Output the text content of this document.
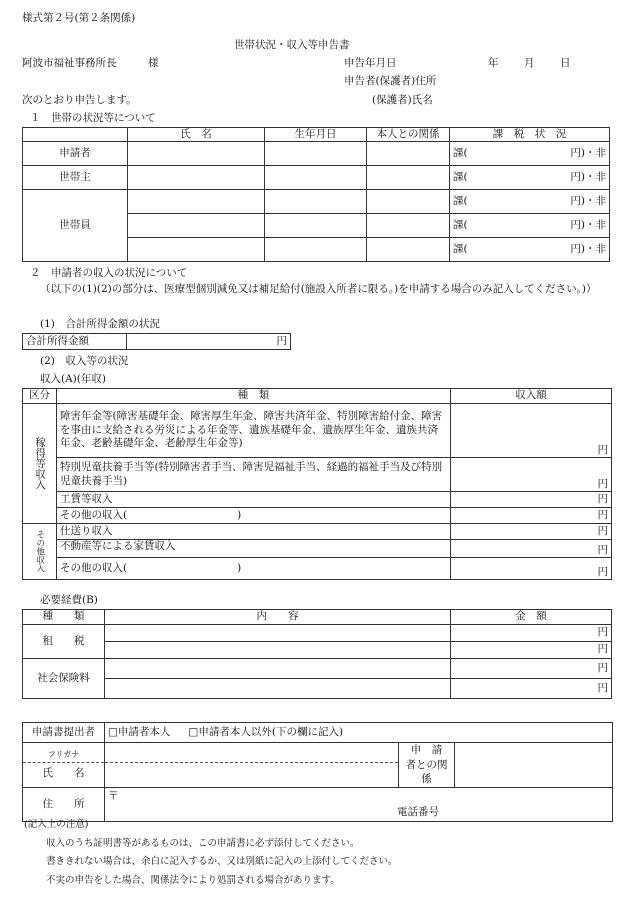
様式第２号(第２条関係)
世帯状況・収入等申告書
阿波市福祉事務所長	様	申告年月日	年 月 日
申告者(保護者)住所
次のとおり申告します。	(保護者)氏名
１　世帯の状況等について
	氏　名	生年月日	本人との関係	課　税　状　況
申請者				課( 円)・非

世帯主				課( 円)・非

世帯員				課( 円)・非

				課( 円)・非

				課( 円)・非
２　申請者の収入の状況について
（以下の(1)(2)の部分は、医療型個別減免又は補足給付(施設入所者に限る。)を申請する場合のみ記入してください。)）
(1)　合計所得金額の状況
合計所得金額	円
(2)　収入等の状況
収入(A)(年収)
区分	種　類	収入額

稼得等収入	障害年金等(障害基礎年金、障害厚生年金、障害共済年金、特別障害給付金、障害を事由に支給される労災による年金等、遺族基礎年金、遺族厚生年金、遺族共済年金、老齢基礎年金、老齢厚生年金等)	円
	特別児童扶養手当等(特別障害者手当、障害児福祉手当、経過的福祉手当及び特別児童扶養手当)	円
	工賃等収入	円
	その他の収入( )	円

その他収入	仕送り収入	円
	不動産等による家賃収入	円
	その他の収入( )	円
必要経費(B)
種　　類	内　　容	金　額
租　　税		円
		円
社会保険料		円
		円
申請書提出者	□申請者本人 □申請者本人以外(下の欄に記入)		

フリガナ
氏　　名		申　請　者との関係	
住　　所	〒
電話番号		
(記入上の注意)
収入のうち証明書等があるものは、この申請書に必ず添付してください。
書ききれない場合は、余白に記入するか、又は別紙に記入の上添付してください。
不実の申告をした場合、関係法令により処罰される場合があります。
